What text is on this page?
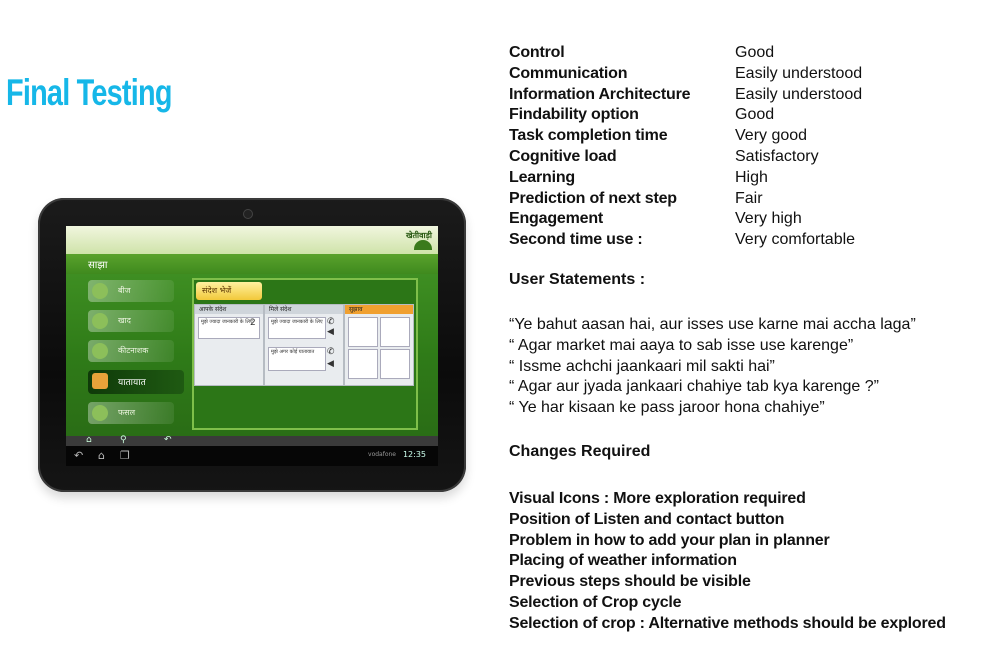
Final Testing
खेतीवाड़ी
साझा
बीज
खाद
कीटनाशक
यातायात
फसल
संदेश भेजें
आपके संदेश
मुझे ज्यादा जानकारी के लिए
2
मिले संदेश
मुझे ज्यादा जानकारी के लिए ✆
◀
मुझे अगर कोई यातायात ✆
◀
सुझाव
⌂	⚲	↶
↶ ⌂ ❐	vodafone 12:35
Control	Good
Communication	Easily understood
Information Architecture	Easily understood
Findability option	Good
Task completion time	Very good
Cognitive load	Satisfactory
Learning	High
Prediction of next step	Fair
Engagement	Very high
Second time use :	Very comfortable
User Statements :
“Ye bahut aasan hai, aur isses use karne mai accha laga”
“ Agar market mai aaya to sab isse use karenge”
“ Issme achchi jaankaari mil sakti hai”
“ Agar aur jyada jankaari chahiye tab kya karenge ?”
“ Ye har kisaan ke pass jaroor hona chahiye”
Changes Required
Visual Icons : More exploration required
Position of Listen and contact button
Problem in how to add your plan in planner
Placing of weather information
Previous steps should be visible
Selection of Crop cycle
Selection of crop : Alternative methods should be explored
